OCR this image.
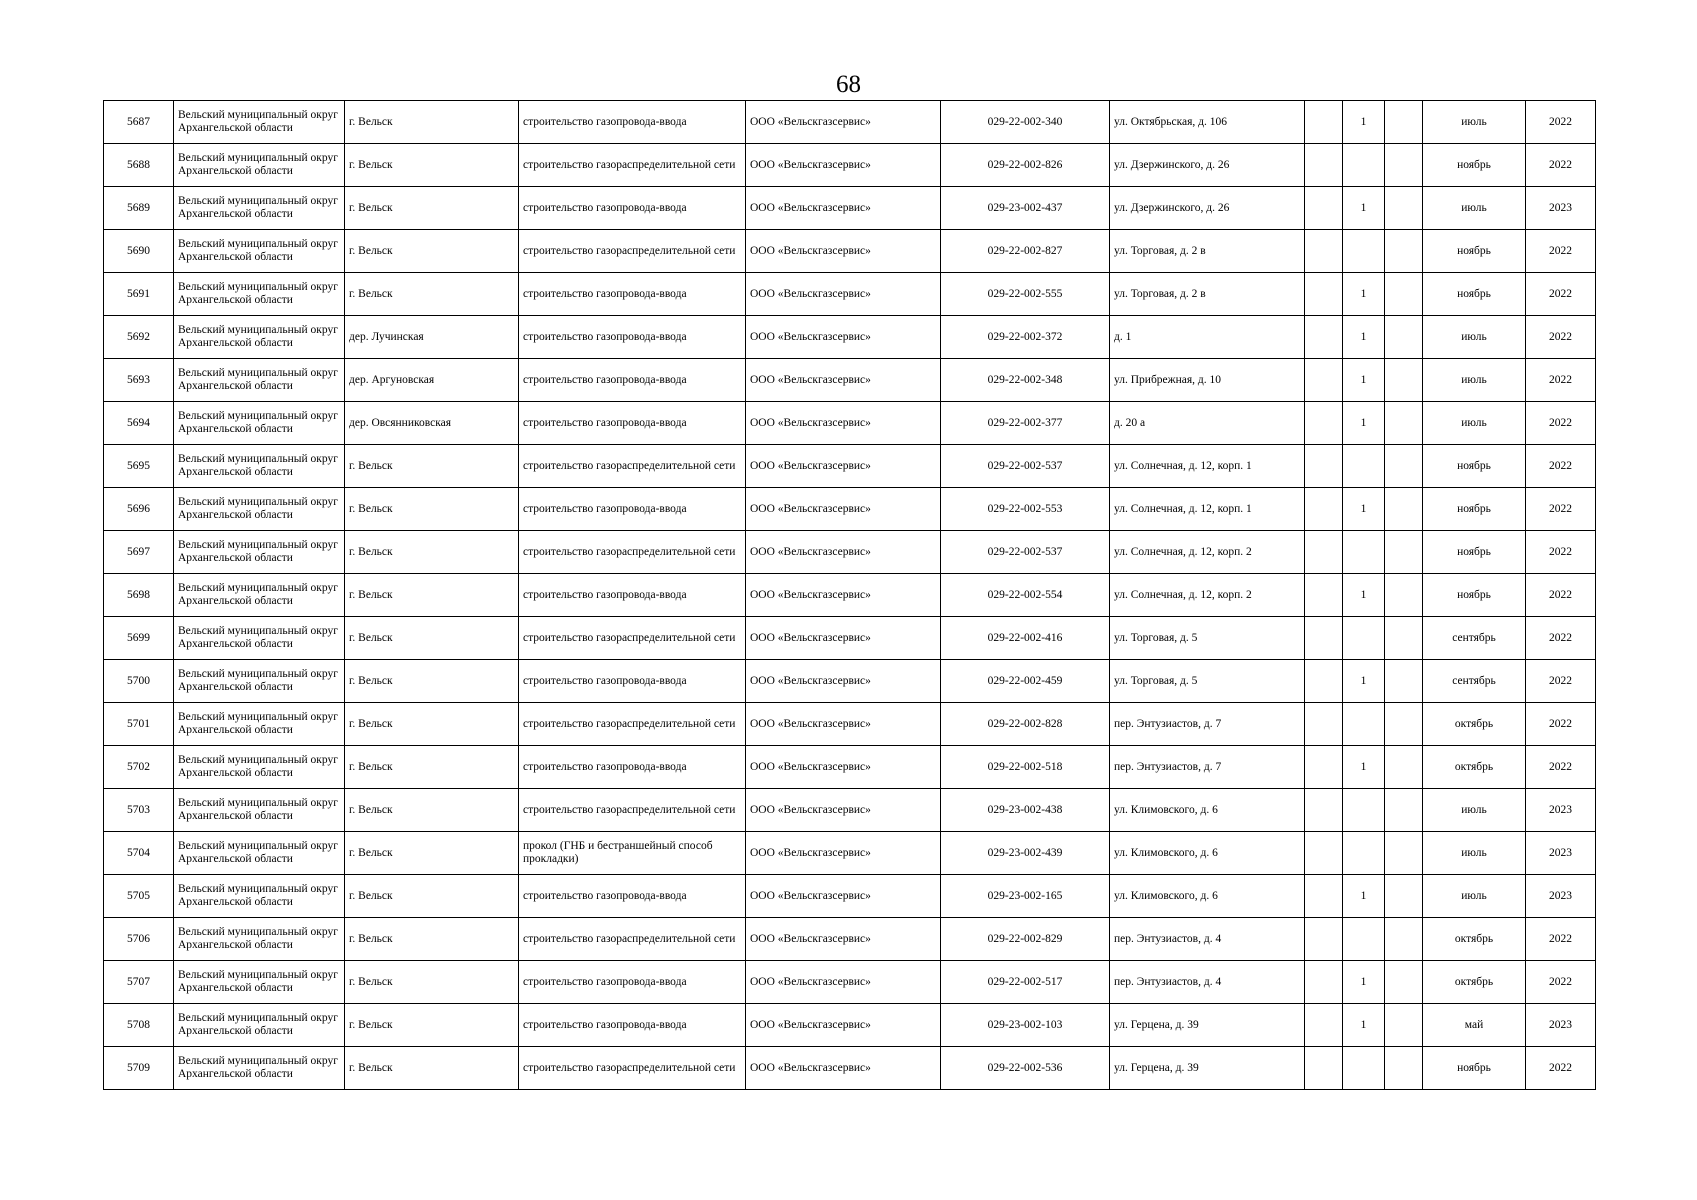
68
5687	Вельский муниципальный округ Архангельской области	г. Вельск	строительство газопровода-ввода	ООО «Вельскгазсервис»	029-22-002-340	ул. Октябрьская, д. 106		1		июль	2022
5688	Вельский муниципальный округ Архангельской области	г. Вельск	строительство газораспределительной сети	ООО «Вельскгазсервис»	029-22-002-826	ул. Дзержинского, д. 26				ноябрь	2022
5689	Вельский муниципальный округ Архангельской области	г. Вельск	строительство газопровода-ввода	ООО «Вельскгазсервис»	029-23-002-437	ул. Дзержинского, д. 26		1		июль	2023
5690	Вельский муниципальный округ Архангельской области	г. Вельск	строительство газораспределительной сети	ООО «Вельскгазсервис»	029-22-002-827	ул. Торговая, д. 2 в				ноябрь	2022
5691	Вельский муниципальный округ Архангельской области	г. Вельск	строительство газопровода-ввода	ООО «Вельскгазсервис»	029-22-002-555	ул. Торговая, д. 2 в		1		ноябрь	2022
5692	Вельский муниципальный округ Архангельской области	дер. Лучинская	строительство газопровода-ввода	ООО «Вельскгазсервис»	029-22-002-372	д. 1		1		июль	2022
5693	Вельский муниципальный округ Архангельской области	дер. Аргуновская	строительство газопровода-ввода	ООО «Вельскгазсервис»	029-22-002-348	ул. Прибрежная, д. 10		1		июль	2022
5694	Вельский муниципальный округ Архангельской области	дер. Овсянниковская	строительство газопровода-ввода	ООО «Вельскгазсервис»	029-22-002-377	д. 20 а		1		июль	2022
5695	Вельский муниципальный округ Архангельской области	г. Вельск	строительство газораспределительной сети	ООО «Вельскгазсервис»	029-22-002-537	ул. Солнечная, д. 12, корп. 1				ноябрь	2022
5696	Вельский муниципальный округ Архангельской области	г. Вельск	строительство газопровода-ввода	ООО «Вельскгазсервис»	029-22-002-553	ул. Солнечная, д. 12, корп. 1		1		ноябрь	2022
5697	Вельский муниципальный округ Архангельской области	г. Вельск	строительство газораспределительной сети	ООО «Вельскгазсервис»	029-22-002-537	ул. Солнечная, д. 12, корп. 2				ноябрь	2022
5698	Вельский муниципальный округ Архангельской области	г. Вельск	строительство газопровода-ввода	ООО «Вельскгазсервис»	029-22-002-554	ул. Солнечная, д. 12, корп. 2		1		ноябрь	2022
5699	Вельский муниципальный округ Архангельской области	г. Вельск	строительство газораспределительной сети	ООО «Вельскгазсервис»	029-22-002-416	ул. Торговая, д. 5				сентябрь	2022
5700	Вельский муниципальный округ Архангельской области	г. Вельск	строительство газопровода-ввода	ООО «Вельскгазсервис»	029-22-002-459	ул. Торговая, д. 5		1		сентябрь	2022
5701	Вельский муниципальный округ Архангельской области	г. Вельск	строительство газораспределительной сети	ООО «Вельскгазсервис»	029-22-002-828	пер. Энтузиастов, д. 7				октябрь	2022
5702	Вельский муниципальный округ Архангельской области	г. Вельск	строительство газопровода-ввода	ООО «Вельскгазсервис»	029-22-002-518	пер. Энтузиастов, д. 7		1		октябрь	2022
5703	Вельский муниципальный округ Архангельской области	г. Вельск	строительство газораспределительной сети	ООО «Вельскгазсервис»	029-23-002-438	ул. Климовского, д. 6				июль	2023
5704	Вельский муниципальный округ Архангельской области	г. Вельск	прокол (ГНБ и бестраншейный способ прокладки)	ООО «Вельскгазсервис»	029-23-002-439	ул. Климовского, д. 6				июль	2023
5705	Вельский муниципальный округ Архангельской области	г. Вельск	строительство газопровода-ввода	ООО «Вельскгазсервис»	029-23-002-165	ул. Климовского, д. 6		1		июль	2023
5706	Вельский муниципальный округ Архангельской области	г. Вельск	строительство газораспределительной сети	ООО «Вельскгазсервис»	029-22-002-829	пер. Энтузиастов, д. 4				октябрь	2022
5707	Вельский муниципальный округ Архангельской области	г. Вельск	строительство газопровода-ввода	ООО «Вельскгазсервис»	029-22-002-517	пер. Энтузиастов, д. 4		1		октябрь	2022
5708	Вельский муниципальный округ Архангельской области	г. Вельск	строительство газопровода-ввода	ООО «Вельскгазсервис»	029-23-002-103	ул. Герцена, д. 39		1		май	2023
5709	Вельский муниципальный округ Архангельской области	г. Вельск	строительство газораспределительной сети	ООО «Вельскгазсервис»	029-22-002-536	ул. Герцена, д. 39				ноябрь	2022
